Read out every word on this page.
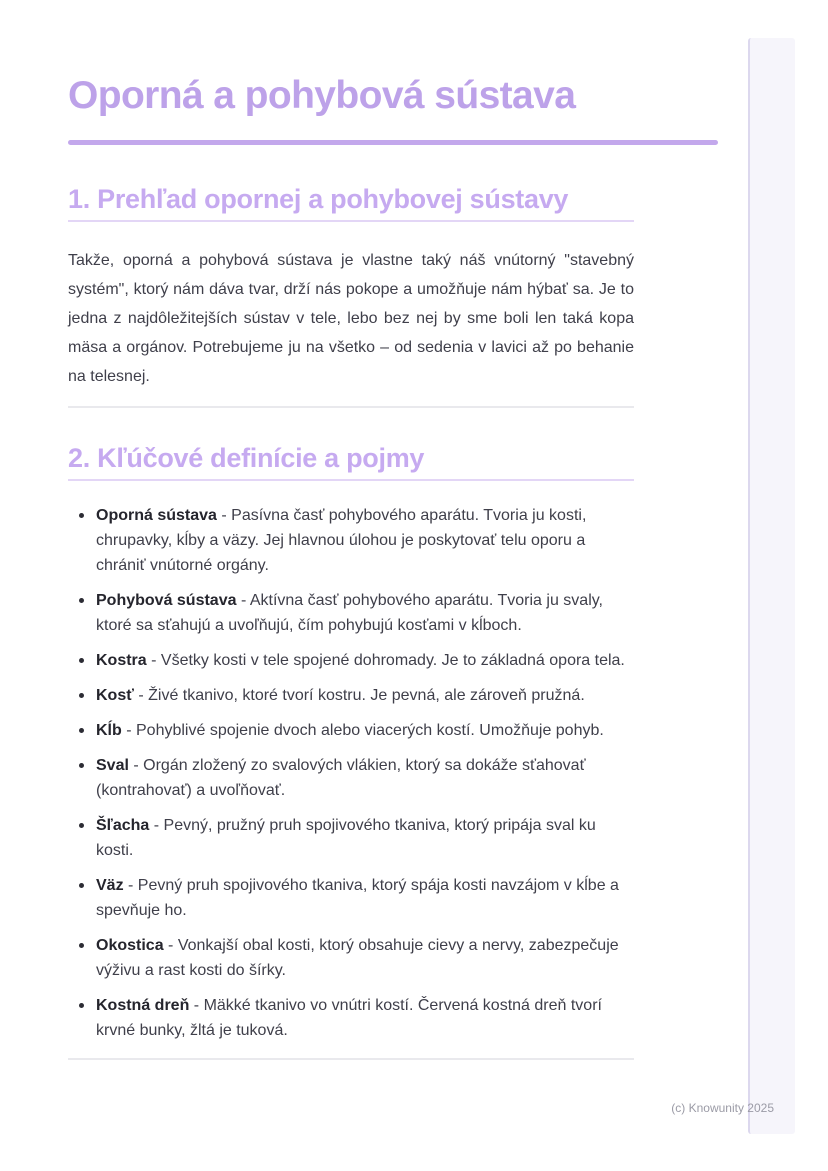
Oporná a pohybová sústava
1. Prehľad opornej a pohybovej sústavy

Takže, oporná a pohybová sústava je vlastne taký náš vnútorný "stavebný systém", ktorý nám dáva tvar, drží nás pokope a umožňuje nám hýbať sa. Je to jedna z najdôležitejších sústav v tele, lebo bez nej by sme boli len taká kopa mäsa a orgánov. Potrebujeme ju na všetko – od sedenia v lavici až po behanie na telesnej.

2. Kľúčové definície a pojmy
Oporná sústava - Pasívna časť pohybového aparátu. Tvoria ju kosti, chrupavky, kĺby a väzy. Jej hlavnou úlohou je poskytovať telu oporu a chrániť vnútorné orgány.
Pohybová sústava - Aktívna časť pohybového aparátu. Tvoria ju svaly, ktoré sa sťahujú a uvoľňujú, čím pohybujú kosťami v kĺboch.
Kostra - Všetky kosti v tele spojené dohromady. Je to základná opora tela.
Kosť - Živé tkanivo, ktoré tvorí kostru. Je pevná, ale zároveň pružná.
Kĺb - Pohyblivé spojenie dvoch alebo viacerých kostí. Umožňuje pohyb.
Sval - Orgán zložený zo svalových vlákien, ktorý sa dokáže sťahovať (kontrahovať) a uvoľňovať.
Šľacha - Pevný, pružný pruh spojivového tkaniva, ktorý pripája sval ku kosti.
Väz - Pevný pruh spojivového tkaniva, ktorý spája kosti navzájom v kĺbe a spevňuje ho.
Okostica - Vonkajší obal kosti, ktorý obsahuje cievy a nervy, zabezpečuje výživu a rast kosti do šírky.
Kostná dreň - Mäkké tkanivo vo vnútri kostí. Červená kostná dreň tvorí krvné bunky, žltá je tuková.
(c) Knowunity 2025
